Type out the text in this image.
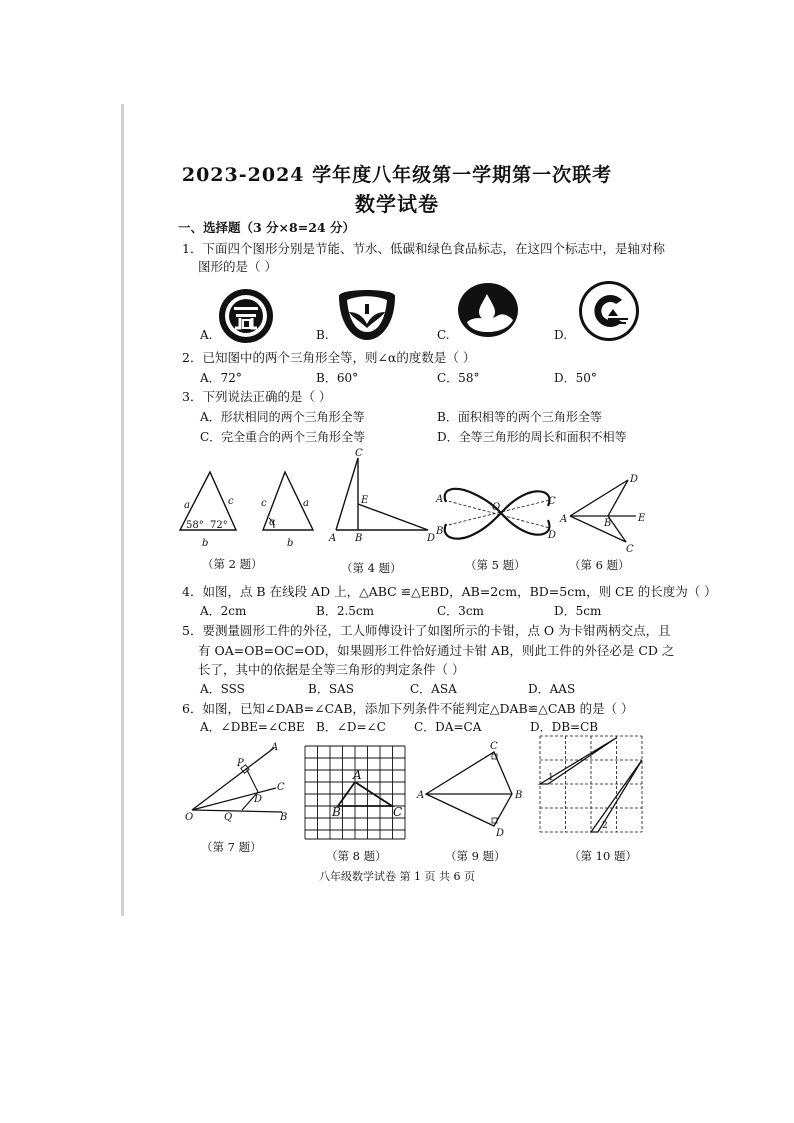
2023-2024 学年度八年级第一学期第一次联考
数学试卷
一、选择题（3 分×8=24 分）
1．下面四个图形分别是节能、节水、低碳和绿色食品标志，在这四个标志中，是轴对称
图形的是（ ）
A.	B.	C.	D.
2．已知图中的两个三角形全等，则∠α的度数是（ ）
A．72°	B．60°	C．58°	D．50°
3．下列说法正确的是（ ）
A．形状相同的两个三角形全等	B．面积相等的两个三角形全等
C．完全重合的两个三角形全等	D．全等三角形的周长和面积不相等
a	c
58° 72°
b
c	a
α
b
C
E
A B	D
A	C
O
B	D
D
A	B	E
C
（第 2 题）	（第 4 题）	（第 5 题）	（第 6 题）
4．如图，点 B 在线段 AD 上，△ABC ≌△EBD，AB=2cm，BD=5cm，则 CE 的长度为（ ）
A．2cm	B．2.5cm	C．3cm	D．5cm
5．要测量圆形工件的外径，工人师傅设计了如图所示的卡钳，点 O 为卡钳两柄交点，且
有 OA=OB=OC=OD，如果圆形工件恰好通过卡钳 AB，则此工件的外径必是 CD 之
长了，其中的依据是全等三角形的判定条件（ ）
A．SSS	B．SAS	C．ASA	D．AAS
6．如图，已知∠DAB=∠CAB，添加下列条件不能判定△DAB≌△CAB 的是（ ）
A．∠DBE=∠CBE B．∠D=∠C C．DA=CA	D．DB=CB
A
P
C
D
O	Q	B
A
B	C
C
A	B
D
1
2
（第 7 题）
（第 8 题）	（第 9 题）	（第 10 题）
八年级数学试卷 第 1 页 共 6 页
